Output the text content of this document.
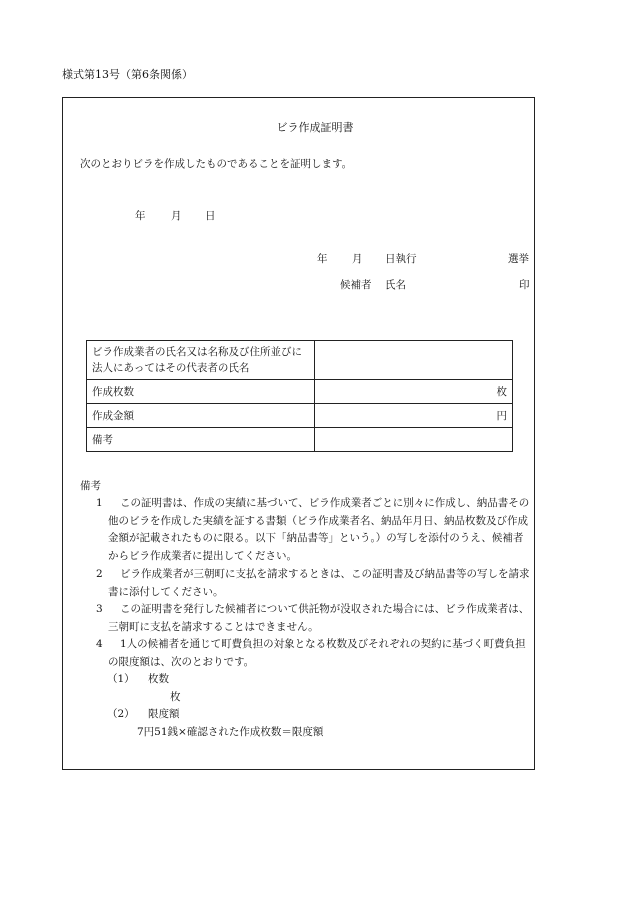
様式第13号（第6条関係）
ビラ作成証明書
次のとおりビラを作成したものであることを証明します。
年 月 日
年 月 日執行	選挙
候補者 氏名	印
ビラ作成業者の氏名又は名称及び住所並びに法人にあってはその代表者の氏名	
作成枚数	枚
作成金額	円
備考	
備考
1	この証明書は、作成の実績に基づいて、ビラ作成業者ごとに別々に作成し、納品書その他のビラを作成した実績を証する書類（ビラ作成業者名、納品年月日、納品枚数及び作成金額が記載されたものに限る。以下「納品書等」という。）の写しを添付のうえ、候補者からビラ作成業者に提出してください。
2	ビラ作成業者が三朝町に支払を請求するときは、この証明書及び納品書等の写しを請求書に添付してください。
3	この証明書を発行した候補者について供託物が没収された場合には、ビラ作成業者は、三朝町に支払を請求することはできません。
4	1人の候補者を通じて町費負担の対象となる枚数及びそれぞれの契約に基づく町費負担の限度額は、次のとおりです。
（1） 枚数
枚
（2） 限度額
7円51銭×確認された作成枚数＝限度額
